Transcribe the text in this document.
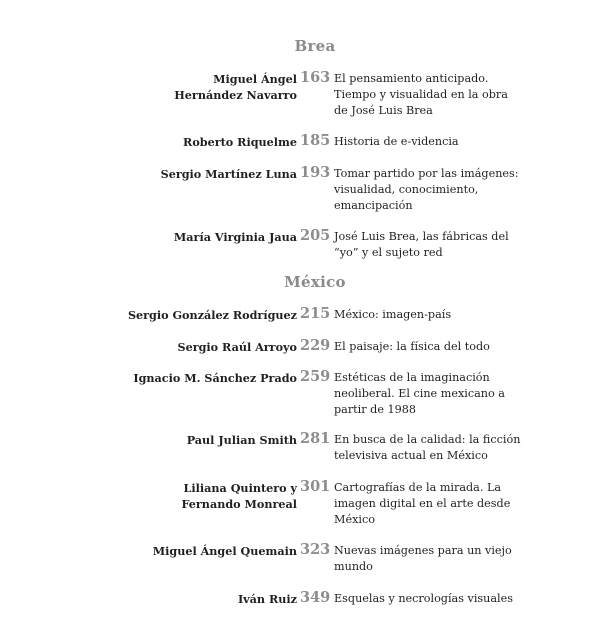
Brea
Miguel Ángel Hernández Navarro
163 El pensamiento anticipado. Tiempo y visualidad en la obra de José Luis Brea
Roberto Riquelme 185 Historia de e-videncia
Sergio Martínez Luna 193 Tomar partido por las imágenes: visualidad, conocimiento, emancipación
María Virginia Jaua 205 José Luis Brea, las fábricas del “yo” y el sujeto red
México
Sergio González Rodríguez 215 México: imagen-país
Sergio Raúl Arroyo 229 El paisaje: la física del todo
Ignacio M. Sánchez Prado 259 Estéticas de la imaginación neoliberal. El cine mexicano a partir de 1988
Paul Julian Smith 281 En busca de la calidad: la ficción televisiva actual en México
Liliana Quintero y Fernando Monreal
301 Cartografías de la mirada. La imagen digital en el arte desde México
Miguel Ángel Quemain 323 Nuevas imágenes para un viejo mundo
Iván Ruiz 349 Esquelas y necrologías visuales
